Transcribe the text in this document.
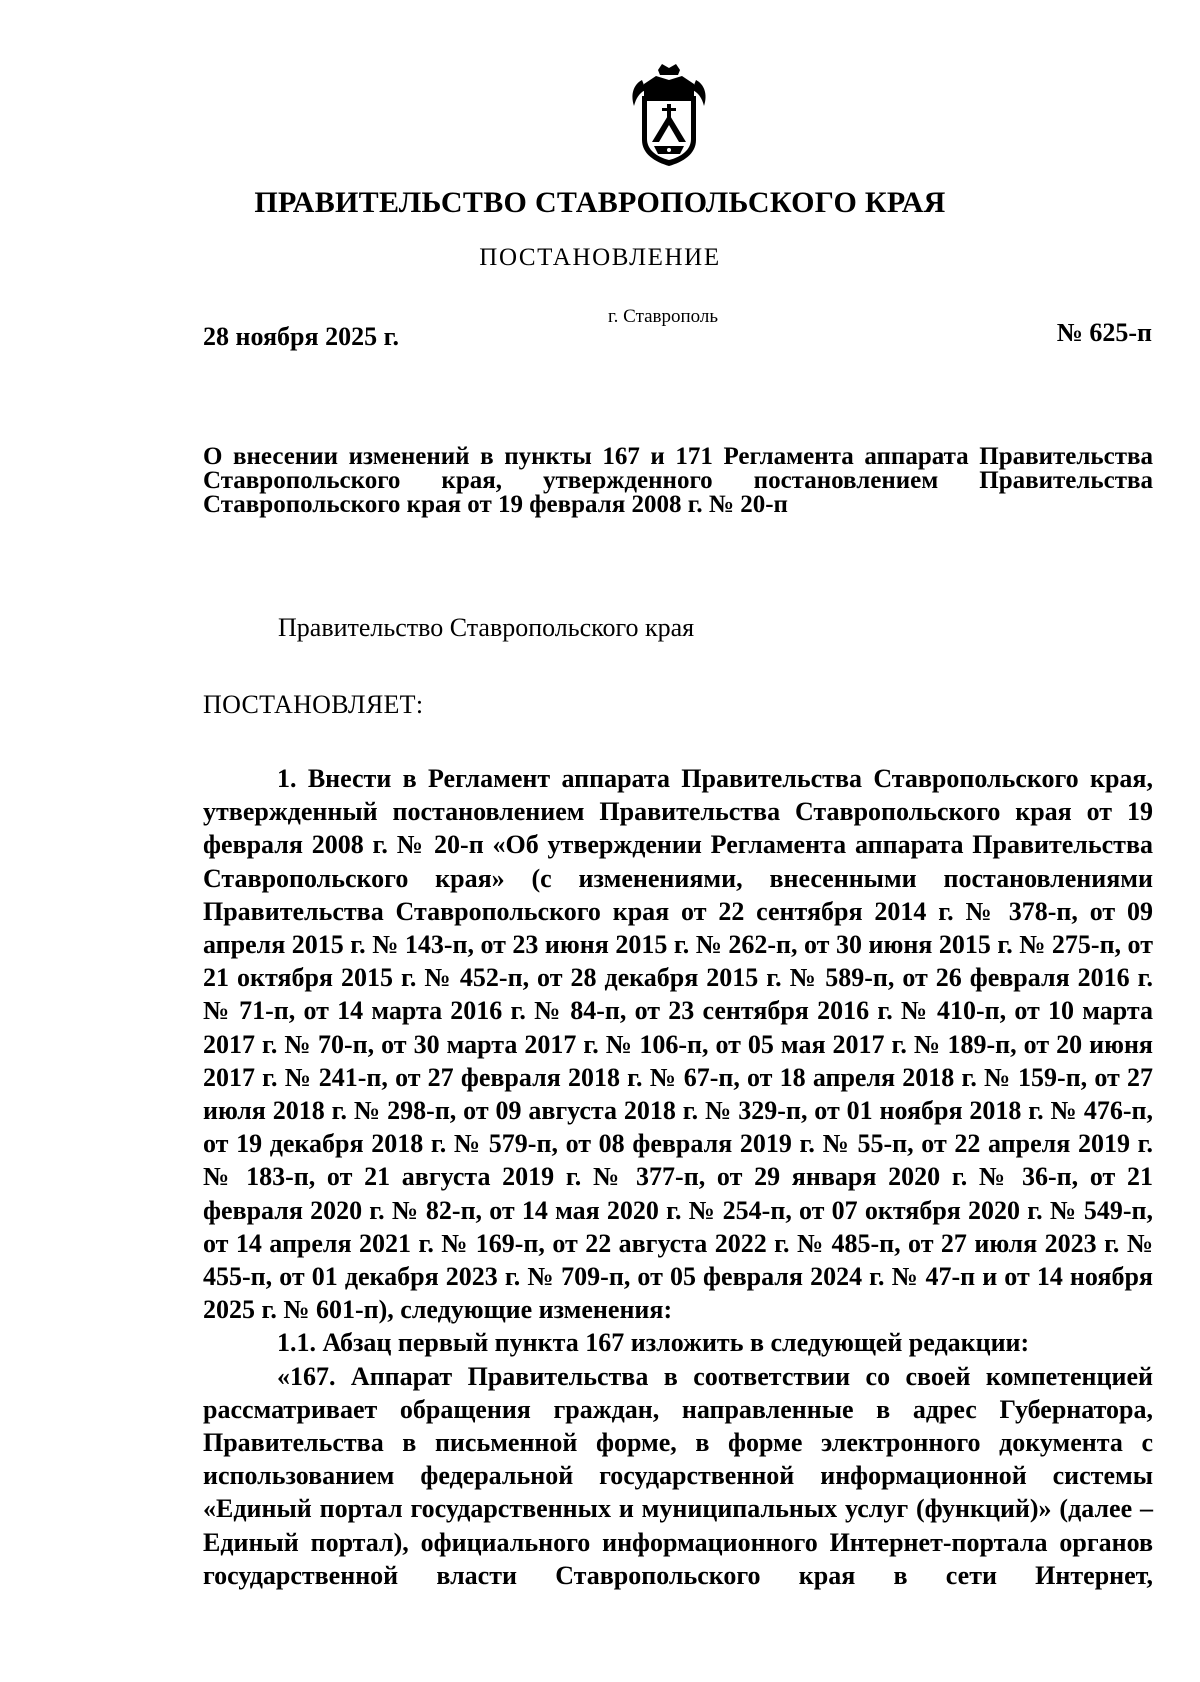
ПРАВИТЕЛЬСТВО СТАВРОПОЛЬСКОГО КРАЯ
ПОСТАНОВЛЕНИЕ
28 ноября 2025 г.
г. Ставрополь
№ 625-п
О внесении изменений в пункты 167 и 171 Регламента аппарата Правительства Ставропольского края, утвержденного постановлением Правительства Ставропольского края от 19 февраля 2008 г. № 20-п
Правительство Ставропольского края
ПОСТАНОВЛЯЕТ:

1. Внести в Регламент аппарата Правительства Ставропольского края, утвержденный постановлением Правительства Ставропольского края от 19 февраля 2008 г. № 20-п «Об утверждении Регламента аппарата Правительства Ставропольского края» (с изменениями, внесенными постановлениями Правительства Ставропольского края от 22 сентября 2014 г. № 378-п, от 09 апреля 2015 г. № 143-п, от 23 июня 2015 г. № 262-п, от 30 июня 2015 г. № 275-п, от 21 октября 2015 г. № 452-п, от 28 декабря 2015 г. № 589-п, от 26 февраля 2016 г. № 71-п, от 14 марта 2016 г. № 84-п, от 23 сентября 2016 г. № 410-п, от 10 марта 2017 г. № 70-п, от 30 марта 2017 г. № 106-п, от 05 мая 2017 г. № 189-п, от 20 июня 2017 г. № 241-п, от 27 февраля 2018 г. № 67-п, от 18 апреля 2018 г. № 159-п, от 27 июля 2018 г. № 298-п, от 09 августа 2018 г. № 329-п, от 01 ноября 2018 г. № 476-п, от 19 декабря 2018 г. № 579-п, от 08 февраля 2019 г. № 55-п, от 22 апреля 2019 г. № 183-п, от 21 августа 2019 г. № 377-п, от 29 января 2020 г. № 36-п, от 21 февраля 2020 г. № 82-п, от 14 мая 2020 г. № 254-п, от 07 октября 2020 г. № 549-п, от 14 апреля 2021 г. № 169-п, от 22 августа 2022 г. № 485-п, от 27 июля 2023 г. № 455-п, от 01 декабря 2023 г. № 709-п, от 05 февраля 2024 г. № 47-п и от 14 ноября 2025 г. № 601-п), следующие изменения:

1.1. Абзац первый пункта 167 изложить в следующей редакции:

«167. Аппарат Правительства в соответствии со своей компетенцией рассматривает обращения граждан, направленные в адрес Губернатора, Правительства в письменной форме, в форме электронного документа с использованием федеральной государственной информационной системы «Единый портал государственных и муниципальных услуг (функций)» (далее – Единый портал), официального информационного Интернет-портала органов государственной власти Ставропольского края в сети Интернет,
